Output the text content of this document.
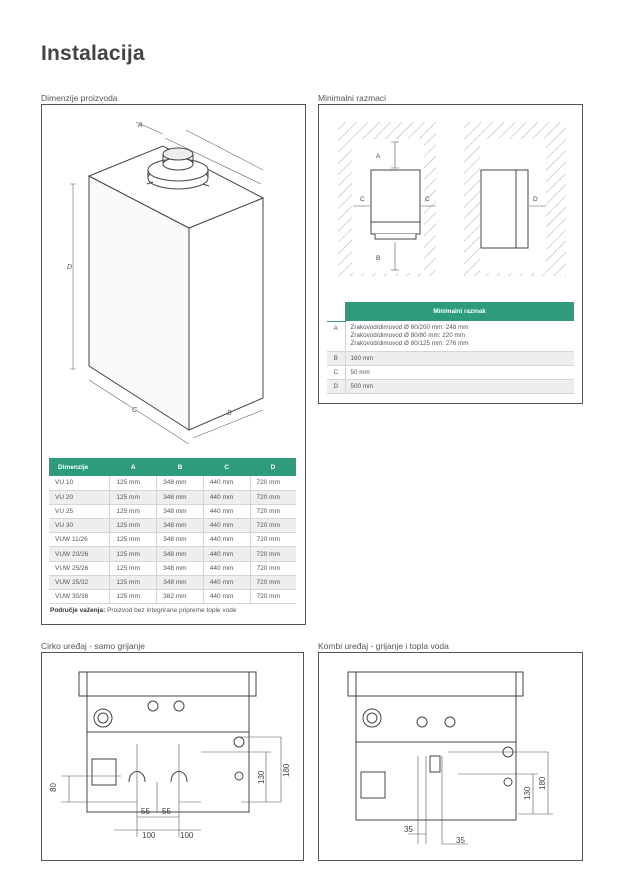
Instalacija
Dimenzije proizvoda
D
C	B
A
Dimenzije	A	B	C	D
VU 10	125 mm	348 mm	440 mm	720 mm
VU 20	125 mm	348 mm	440 mm	720 mm
VU 25	125 mm	348 mm	440 mm	720 mm
VU 30	125 mm	348 mm	440 mm	720 mm
VUW 11/26	125 mm	348 mm	440 mm	720 mm
VUW 20/26	125 mm	348 mm	440 mm	720 mm
VUW 25/26	125 mm	348 mm	440 mm	720 mm
VUW 25/32	125 mm	348 mm	440 mm	720 mm
VUW 30/36	125 mm	382 mm	440 mm	720 mm
Područje važenja: Proizvod bez integrirane pripreme tople vode
Minimalni razmaci
A
B
C	C	D
	Minimalni razmak
A	Zrakovod/dimovod Ø 60/200 mm: 248 mm
Zrakovod/dimovod Ø 80/80 mm: 220 mm
Zrakovod/dimovod Ø 80/125 mm: 276 mm

B	160 mm
C	50 mm
D	500 mm
Cirko uređaj - samo grijanje
55 55
100	100
80
130
180
Kombi uređaj - grijanje i topla voda
35
35
130
180
